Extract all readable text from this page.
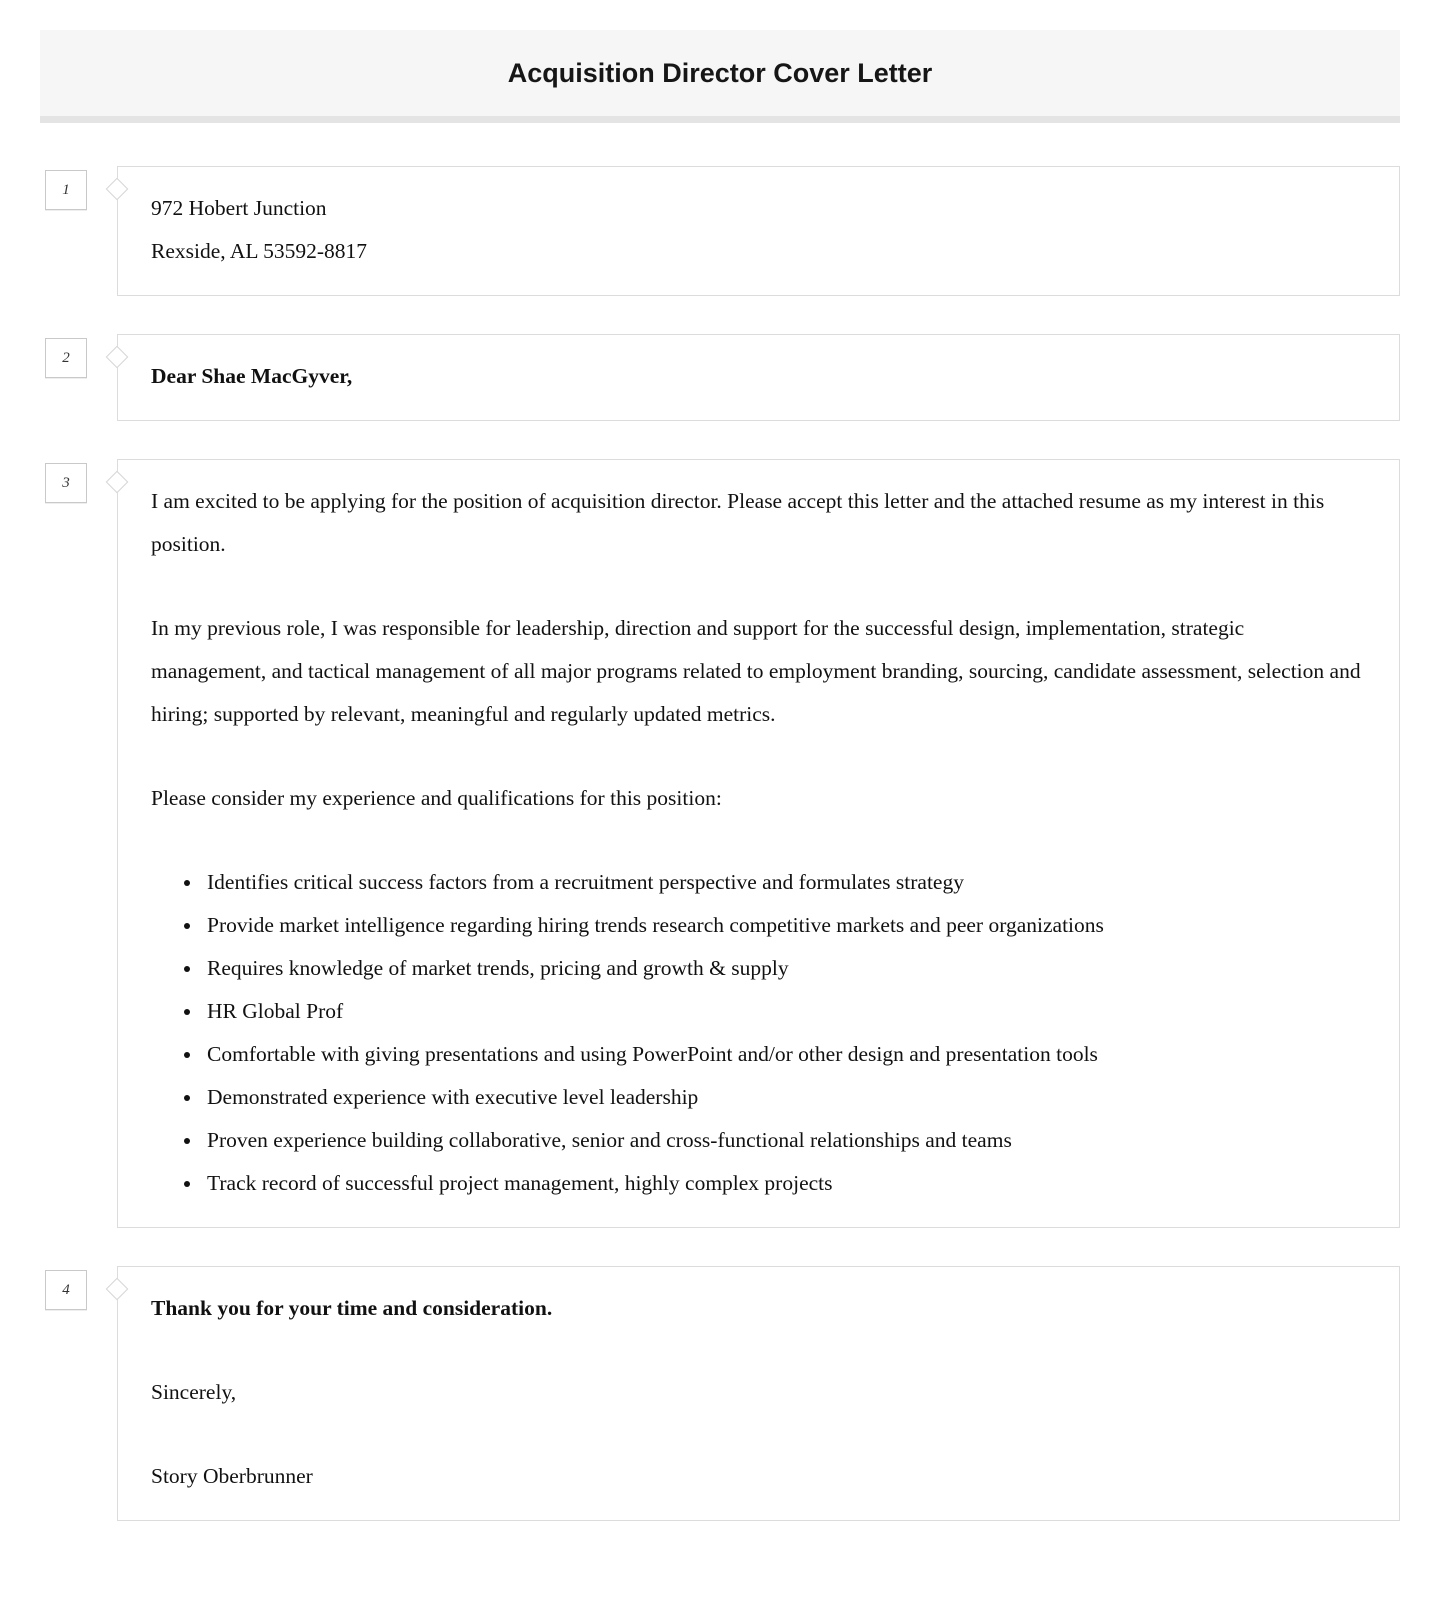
Acquisition Director Cover Letter
1

972 Hobert Junction

Rexside, AL 53592-8817

2

Dear Shae MacGyver,

3

I am excited to be applying for the position of acquisition director. Please accept this letter and the attached resume as my interest in this position.

In my previous role, I was responsible for leadership, direction and support for the successful design, implementation, strategic management, and tactical management of all major programs related to employment branding, sourcing, candidate assessment, selection and hiring; supported by relevant, meaningful and regularly updated metrics.

Please consider my experience and qualifications for this position:

• Identifies critical success factors from a recruitment perspective and formulates strategy
• Provide market intelligence regarding hiring trends research competitive markets and peer organizations
• Requires knowledge of market trends, pricing and growth & supply
• HR Global Prof
• Comfortable with giving presentations and using PowerPoint and/or other design and presentation tools
• Demonstrated experience with executive level leadership
• Proven experience building collaborative, senior and cross-functional relationships and teams
• Track record of successful project management, highly complex projects
4

Thank you for your time and consideration.

Sincerely,

Story Oberbrunner
